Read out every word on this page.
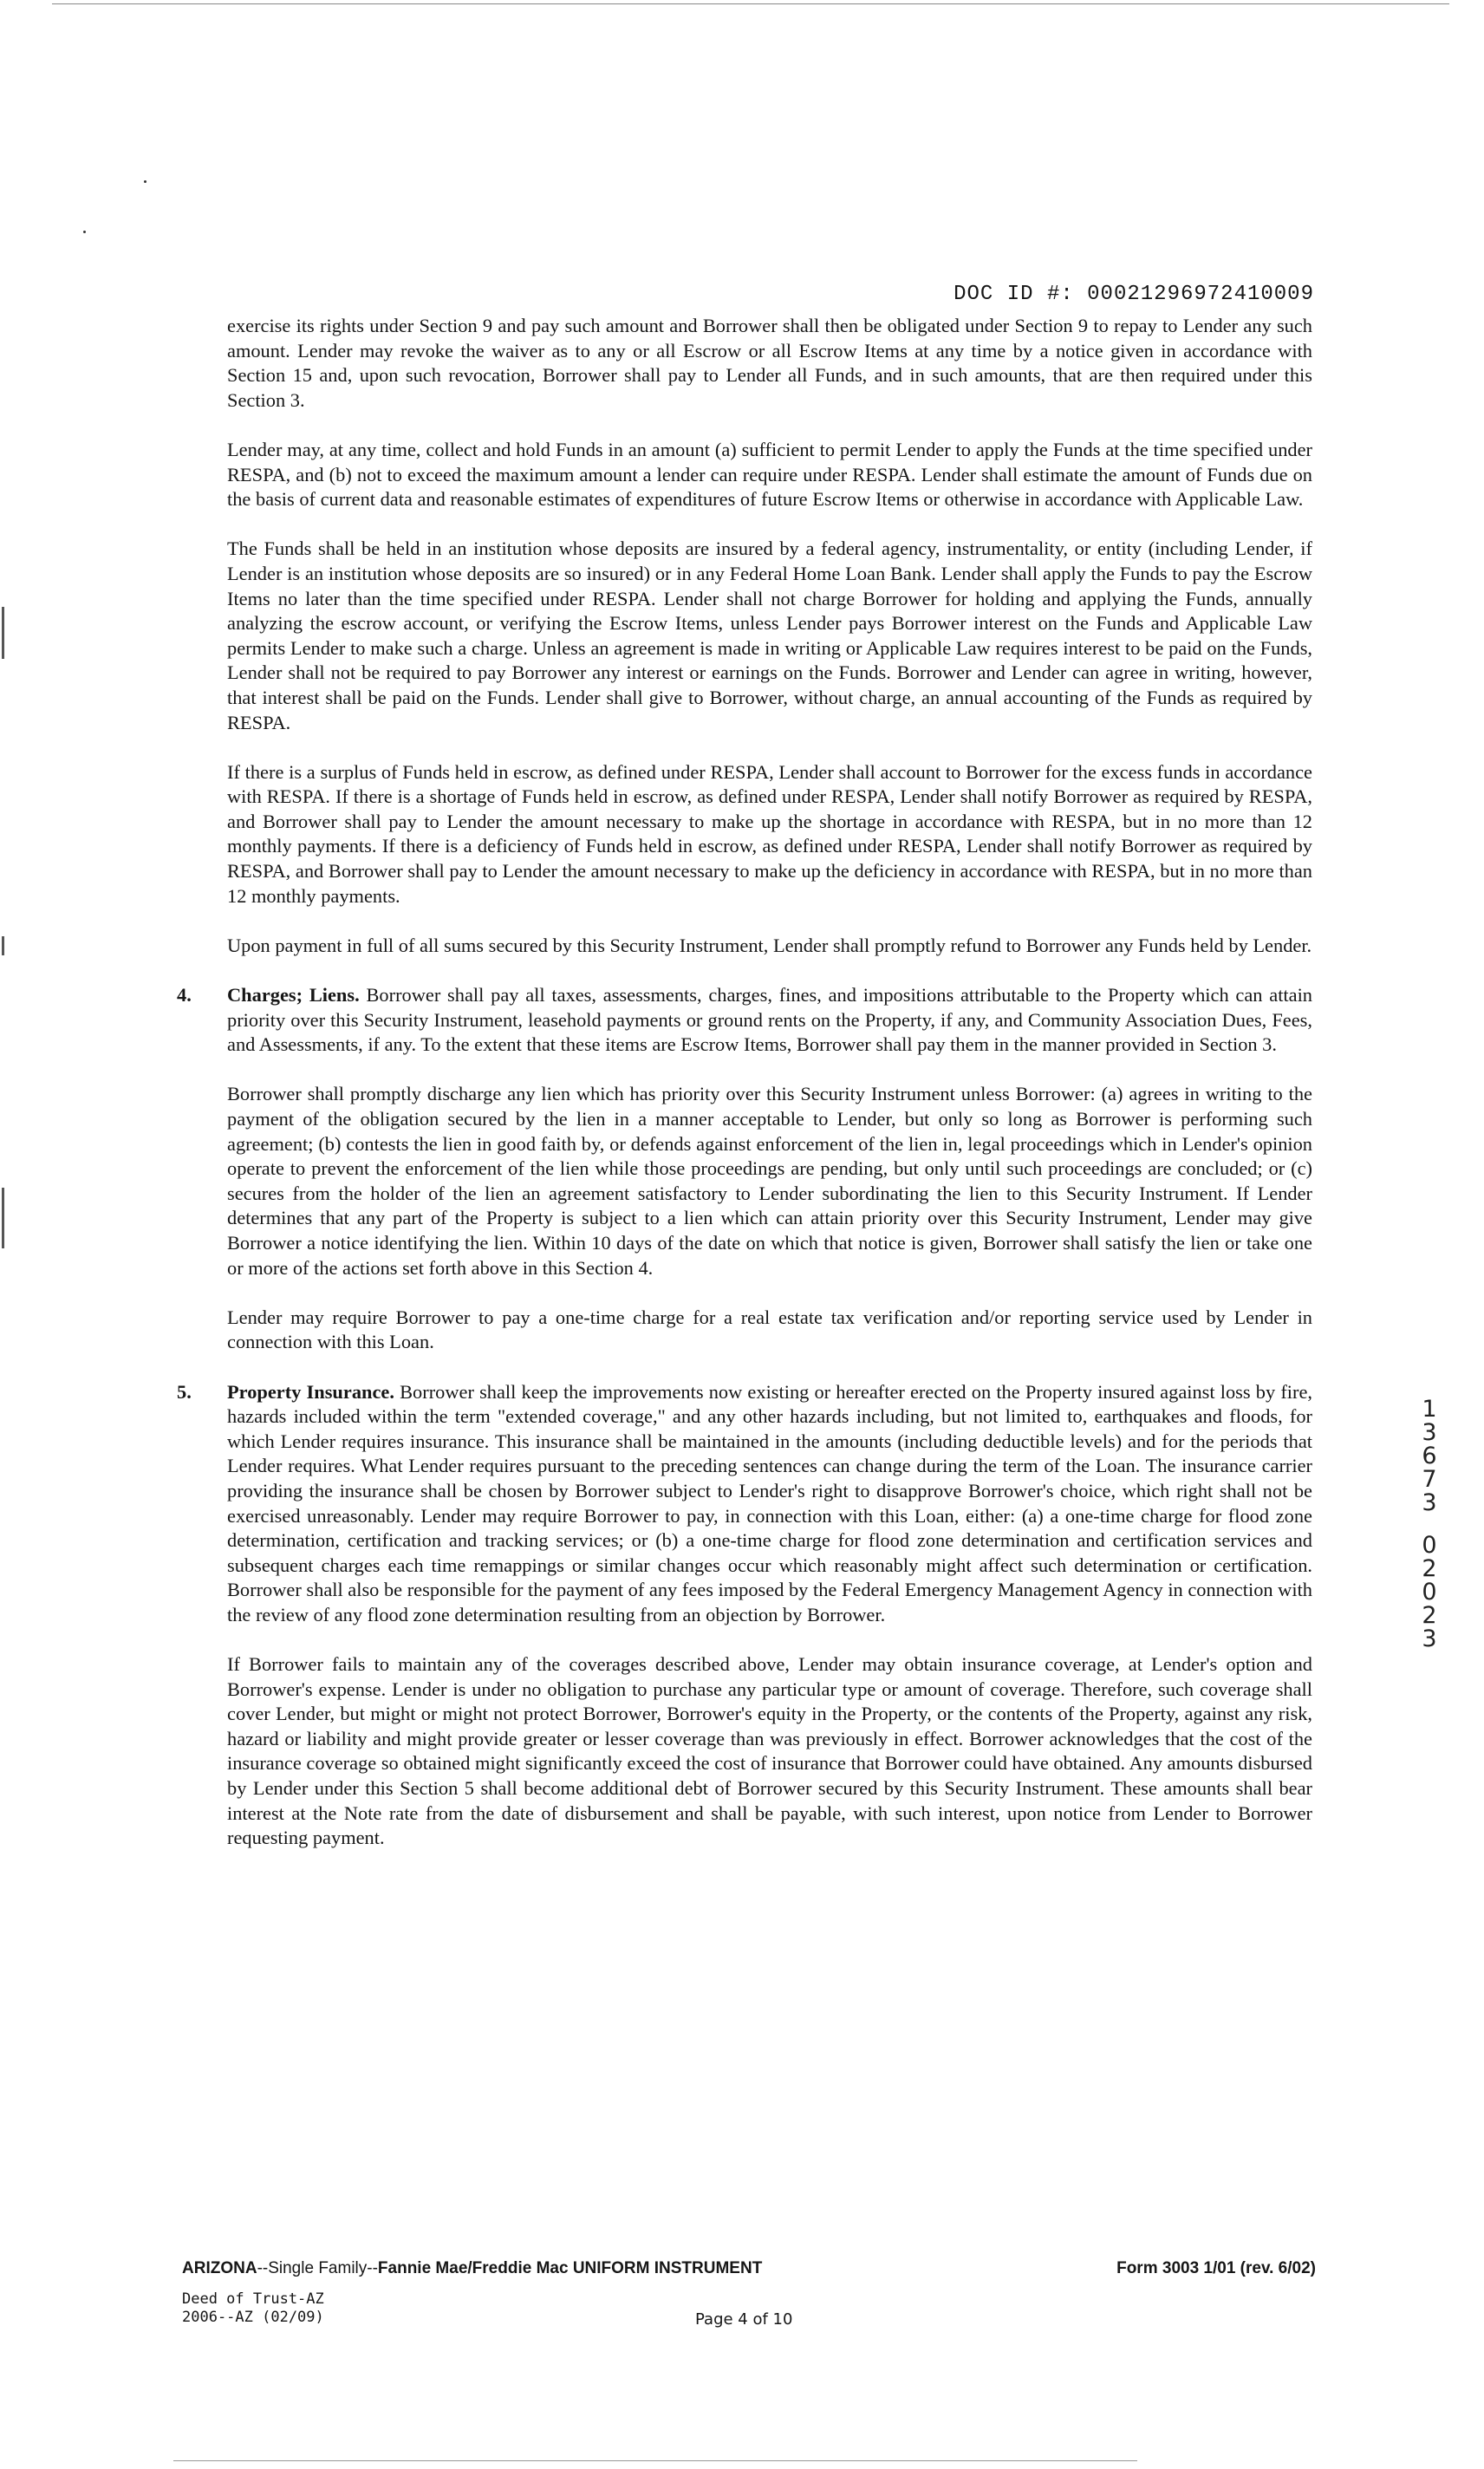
DOC ID #: 00021296972410009

exercise its rights under Section 9 and pay such amount and Borrower shall then be obligated under Section 9 to repay to Lender any such amount. Lender may revoke the waiver as to any or all Escrow or all Escrow Items at any time by a notice given in accordance with Section 15 and, upon such revocation, Borrower shall pay to Lender all Funds, and in such amounts, that are then required under this Section 3.

Lender may, at any time, collect and hold Funds in an amount (a) sufficient to permit Lender to apply the Funds at the time specified under RESPA, and (b) not to exceed the maximum amount a lender can require under RESPA. Lender shall estimate the amount of Funds due on the basis of current data and reasonable estimates of expenditures of future Escrow Items or otherwise in accordance with Applicable Law.

The Funds shall be held in an institution whose deposits are insured by a federal agency, instrumentality, or entity (including Lender, if Lender is an institution whose deposits are so insured) or in any Federal Home Loan Bank. Lender shall apply the Funds to pay the Escrow Items no later than the time specified under RESPA. Lender shall not charge Borrower for holding and applying the Funds, annually analyzing the escrow account, or verifying the Escrow Items, unless Lender pays Borrower interest on the Funds and Applicable Law permits Lender to make such a charge. Unless an agreement is made in writing or Applicable Law requires interest to be paid on the Funds, Lender shall not be required to pay Borrower any interest or earnings on the Funds. Borrower and Lender can agree in writing, however, that interest shall be paid on the Funds. Lender shall give to Borrower, without charge, an annual accounting of the Funds as required by RESPA.

If there is a surplus of Funds held in escrow, as defined under RESPA, Lender shall account to Borrower for the excess funds in accordance with RESPA. If there is a shortage of Funds held in escrow, as defined under RESPA, Lender shall notify Borrower as required by RESPA, and Borrower shall pay to Lender the amount necessary to make up the shortage in accordance with RESPA, but in no more than 12 monthly payments. If there is a deficiency of Funds held in escrow, as defined under RESPA, Lender shall notify Borrower as required by RESPA, and Borrower shall pay to Lender the amount necessary to make up the deficiency in accordance with RESPA, but in no more than 12 monthly payments.

Upon payment in full of all sums secured by this Security Instrument, Lender shall promptly refund to Borrower any Funds held by Lender.

4. Charges; Liens. Borrower shall pay all taxes, assessments, charges, fines, and impositions attributable to the Property which can attain priority over this Security Instrument, leasehold payments or ground rents on the Property, if any, and Community Association Dues, Fees, and Assessments, if any. To the extent that these items are Escrow Items, Borrower shall pay them in the manner provided in Section 3.

Borrower shall promptly discharge any lien which has priority over this Security Instrument unless Borrower: (a) agrees in writing to the payment of the obligation secured by the lien in a manner acceptable to Lender, but only so long as Borrower is performing such agreement; (b) contests the lien in good faith by, or defends against enforcement of the lien in, legal proceedings which in Lender's opinion operate to prevent the enforcement of the lien while those proceedings are pending, but only until such proceedings are concluded; or (c) secures from the holder of the lien an agreement satisfactory to Lender subordinating the lien to this Security Instrument. If Lender determines that any part of the Property is subject to a lien which can attain priority over this Security Instrument, Lender may give Borrower a notice identifying the lien. Within 10 days of the date on which that notice is given, Borrower shall satisfy the lien or take one or more of the actions set forth above in this Section 4.

Lender may require Borrower to pay a one-time charge for a real estate tax verification and/or reporting service used by Lender in connection with this Loan.

5. Property Insurance. Borrower shall keep the improvements now existing or hereafter erected on the Property insured against loss by fire, hazards included within the term "extended coverage," and any other hazards including, but not limited to, earthquakes and floods, for which Lender requires insurance. This insurance shall be maintained in the amounts (including deductible levels) and for the periods that Lender requires. What Lender requires pursuant to the preceding sentences can change during the term of the Loan. The insurance carrier providing the insurance shall be chosen by Borrower subject to Lender's right to disapprove Borrower's choice, which right shall not be exercised unreasonably. Lender may require Borrower to pay, in connection with this Loan, either: (a) a one-time charge for flood zone determination, certification and tracking services; or (b) a one-time charge for flood zone determination and certification services and subsequent charges each time remappings or similar changes occur which reasonably might affect such determination or certification. Borrower shall also be responsible for the payment of any fees imposed by the Federal Emergency Management Agency in connection with the review of any flood zone determination resulting from an objection by Borrower.

If Borrower fails to maintain any of the coverages described above, Lender may obtain insurance coverage, at Lender's option and Borrower's expense. Lender is under no obligation to purchase any particular type or amount of coverage. Therefore, such coverage shall cover Lender, but might or might not protect Borrower, Borrower's equity in the Property, or the contents of the Property, against any risk, hazard or liability and might provide greater or lesser coverage than was previously in effect. Borrower acknowledges that the cost of the insurance coverage so obtained might significantly exceed the cost of insurance that Borrower could have obtained. Any amounts disbursed by Lender under this Section 5 shall become additional debt of Borrower secured by this Security Instrument. These amounts shall bear interest at the Note rate from the date of disbursement and shall be payable, with such interest, upon notice from Lender to Borrower requesting payment.

1
3
6
7
3
0
2
0
2
3
ARIZONA--Single Family--Fannie Mae/Freddie Mac UNIFORM INSTRUMENT	Form 3003 1/01 (rev. 6/02)
Deed of Trust-AZ
2006--AZ (02/09)	Page 4 of 10
